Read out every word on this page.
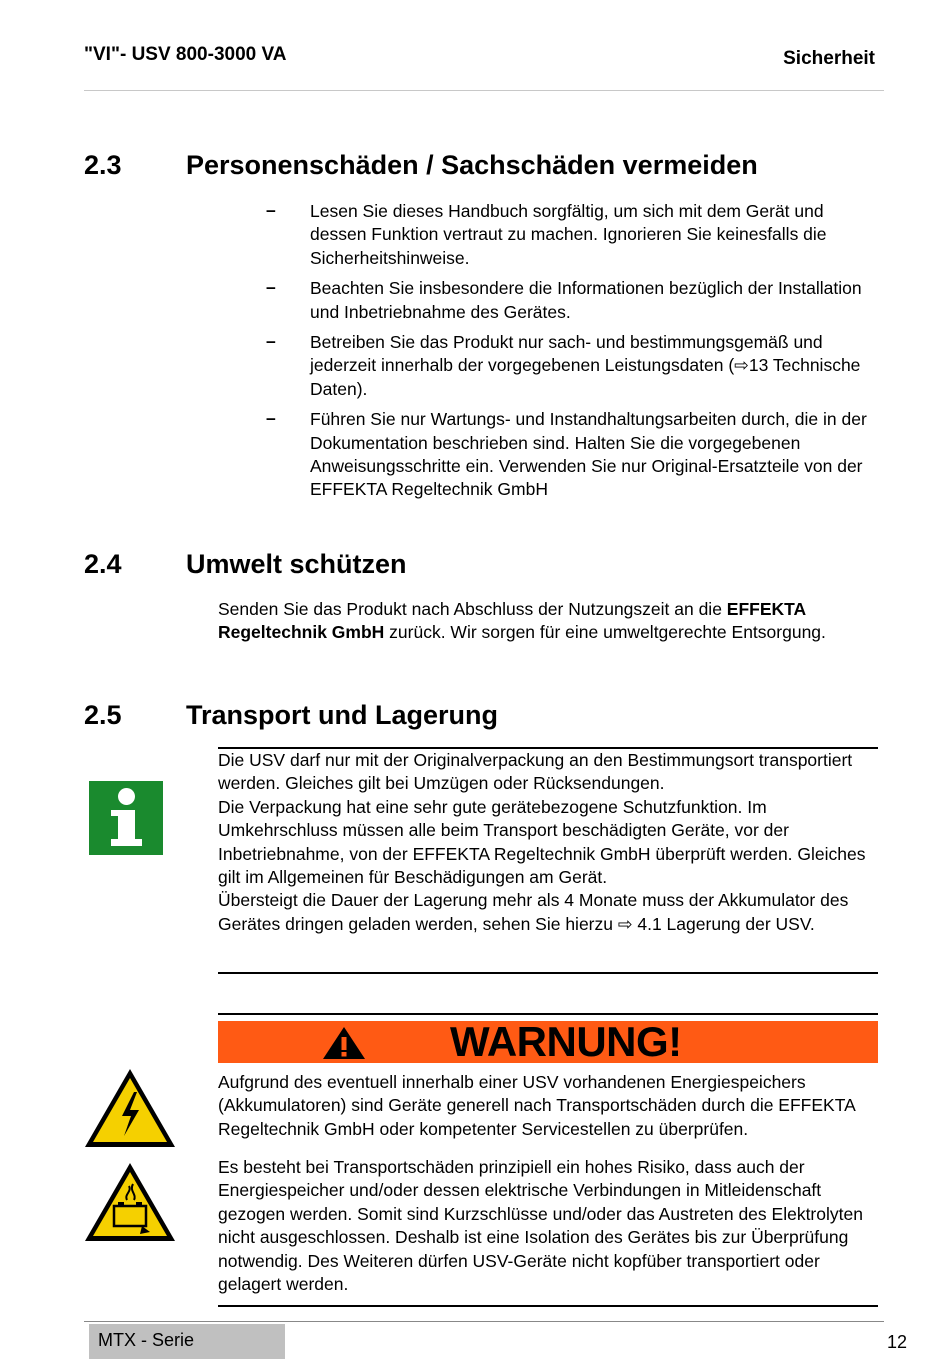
"VI"- USV 800-3000 VA	Sicherheit
2.3 Personenschäden / Sachschäden vermeiden
– Lesen Sie dieses Handbuch sorgfältig, um sich mit dem Gerät und dessen Funktion vertraut zu machen. Ignorieren Sie keinesfalls die Sicherheitshinweise.
– Beachten Sie insbesondere die Informationen bezüglich der Installation und Inbetriebnahme des Gerätes.
– Betreiben Sie das Produkt nur sach- und bestimmungsgemäß und jederzeit innerhalb der vorgegebenen Leistungsdaten (⇨13 Technische Daten).
– Führen Sie nur Wartungs- und Instandhaltungsarbeiten durch, die in der Dokumentation beschrieben sind. Halten Sie die vorgegebenen Anweisungsschritte ein. Verwenden Sie nur Original-Ersatzteile von der EFFEKTA Regeltechnik GmbH
2.4 Umwelt schützen
Senden Sie das Produkt nach Abschluss der Nutzungszeit an die EFFEKTA Regeltechnik GmbH zurück. Wir sorgen für eine umweltgerechte Entsorgung.
2.5 Transport und Lagerung
Die USV darf nur mit der Originalverpackung an den Bestimmungsort transportiert werden. Gleiches gilt bei Umzügen oder Rücksendungen.
Die Verpackung hat eine sehr gute gerätebezogene Schutzfunktion. Im Umkehrschluss müssen alle beim Transport beschädigten Geräte, vor der Inbetriebnahme, von der EFFEKTA Regeltechnik GmbH überprüft werden. Gleiches gilt im Allgemeinen für Beschädigungen am Gerät.
Übersteigt die Dauer der Lagerung mehr als 4 Monate muss der Akkumulator des Gerätes dringen geladen werden, sehen Sie hierzu ⇨ 4.1 Lagerung der USV.
WARNUNG!
Aufgrund des eventuell innerhalb einer USV vorhandenen Energiespeichers (Akkumulatoren) sind Geräte generell nach Transportschäden durch die EFFEKTA Regeltechnik GmbH oder kompetenter Servicestellen zu überprüfen.
Es besteht bei Transportschäden prinzipiell ein hohes Risiko, dass auch der Energiespeicher und/oder dessen elektrische Verbindungen in Mitleidenschaft gezogen werden. Somit sind Kurzschlüsse und/oder das Austreten des Elektrolyten nicht ausgeschlossen. Deshalb ist eine Isolation des Gerätes bis zur Überprüfung notwendig. Des Weiteren dürfen USV-Geräte nicht kopfüber transportiert oder gelagert werden.
MTX - Serie	12
